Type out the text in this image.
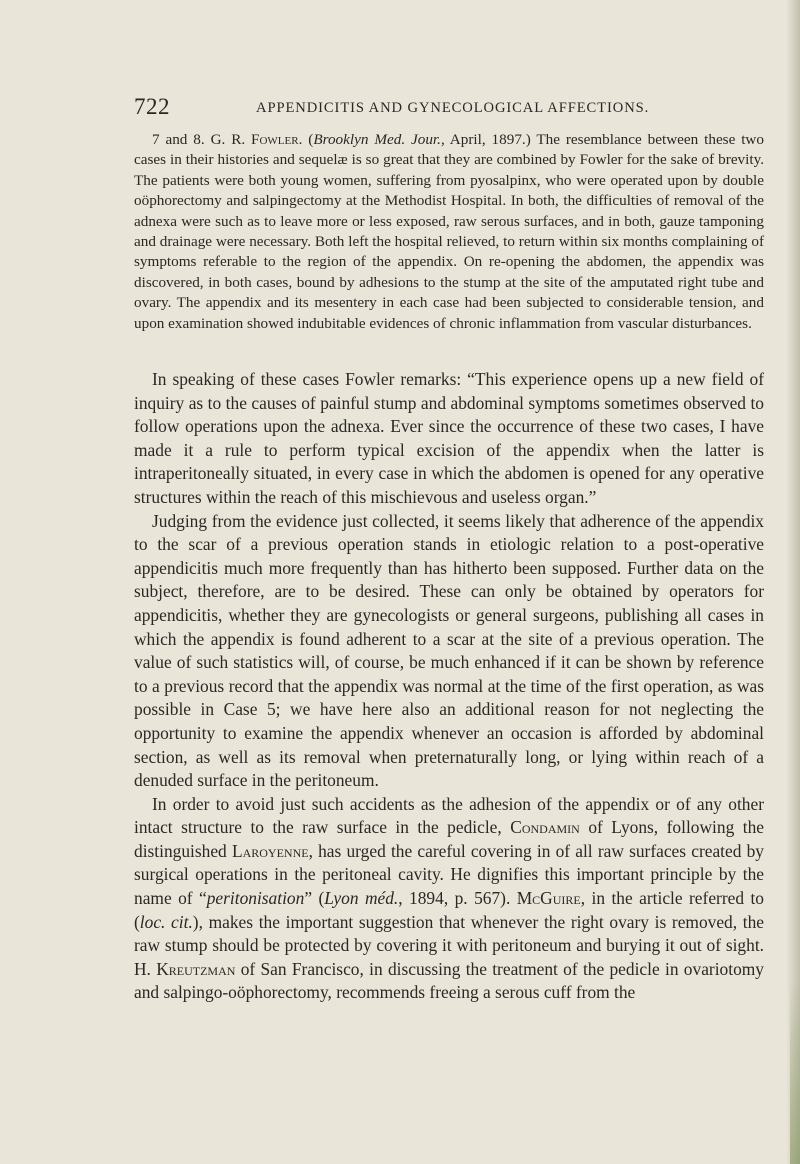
722	APPENDICITIS AND GYNECOLOGICAL AFFECTIONS.

7 and 8. G. R. Fowler. (Brooklyn Med. Jour., April, 1897.) The resemblance between these two cases in their histories and sequelæ is so great that they are combined by Fowler for the sake of brevity. The patients were both young women, suffering from pyosalpinx, who were operated upon by double oöphorectomy and salpingectomy at the Methodist Hospital. In both, the difficulties of removal of the adnexa were such as to leave more or less exposed, raw serous surfaces, and in both, gauze tamponing and drainage were necessary. Both left the hospital relieved, to return within six months complaining of symptoms referable to the region of the appendix. On re-opening the abdomen, the appendix was discovered, in both cases, bound by adhesions to the stump at the site of the amputated right tube and ovary. The appendix and its mesentery in each case had been subjected to considerable tension, and upon examination showed indubitable evidences of chronic inflammation from vascular disturbances.

In speaking of these cases Fowler remarks: “This experience opens up a new field of inquiry as to the causes of painful stump and abdominal symptoms sometimes observed to follow operations upon the adnexa. Ever since the occurrence of these two cases, I have made it a rule to perform typical excision of the appendix when the latter is intraperitoneally situated, in every case in which the abdomen is opened for any operative structures within the reach of this mischievous and useless organ.”

Judging from the evidence just collected, it seems likely that adherence of the appendix to the scar of a previous operation stands in etiologic relation to a post-operative appendicitis much more frequently than has hitherto been supposed. Further data on the subject, therefore, are to be desired. These can only be obtained by operators for appendicitis, whether they are gynecologists or general surgeons, publishing all cases in which the appendix is found adherent to a scar at the site of a previous operation. The value of such statistics will, of course, be much enhanced if it can be shown by reference to a previous record that the appendix was normal at the time of the first operation, as was possible in Case 5; we have here also an additional reason for not neglecting the opportunity to examine the appendix whenever an occasion is afforded by abdominal section, as well as its removal when preternaturally long, or lying within reach of a denuded surface in the peritoneum.

In order to avoid just such accidents as the adhesion of the appendix or of any other intact structure to the raw surface in the pedicle, Condamin of Lyons, following the distinguished Laroyenne, has urged the careful covering in of all raw surfaces created by surgical operations in the peritoneal cavity. He dignifies this important principle by the name of “peritonisation” (Lyon méd., 1894, p. 567). McGuire, in the article referred to (loc. cit.), makes the important suggestion that whenever the right ovary is removed, the raw stump should be protected by covering it with peritoneum and burying it out of sight. H. Kreutzman of San Francisco, in discussing the treatment of the pedicle in ovariotomy and salpingo-oöphorectomy, recommends freeing a serous cuff from the
